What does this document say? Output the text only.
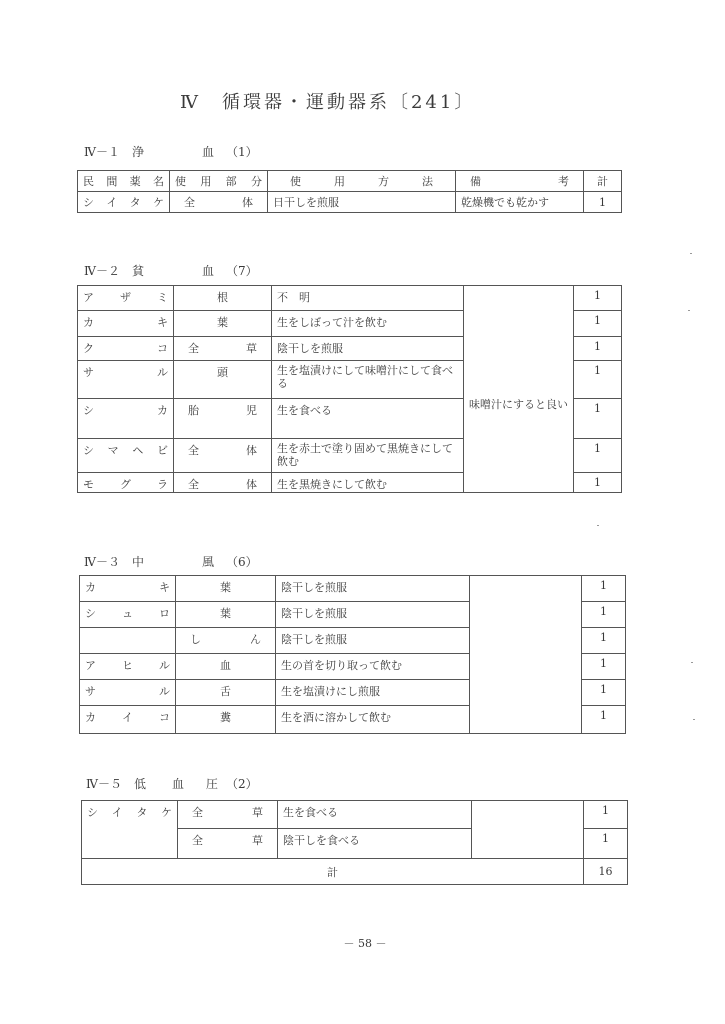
Ⅳ　循環器・運動器系〔241〕
Ⅳ－１ 浄	血 （1）
民 間 薬 名	使 用 部 分	使 用 方 法	備 考	計

シ イ タ ケ	全 体	日干しを煎服	乾燥機でも乾かす	1
Ⅳ－２ 貧	血 （7）
ア ザ ミ	根	不　明	味噌汁にすると良い	1

カ キ	葉	生をしぼって汁を飲む		1

ク コ	全 草	陰干しを煎服		1

サ ル	頭	生を塩漬けにして味噌汁にして食べる		1

シ カ	胎 児	生を食べる		1

シ マ ヘ ビ	全 体	生を赤土で塗り固めて黒焼きにして飲む		1

モ グ ラ	全 体	生を黒焼きにして飲む		1
Ⅳ－３ 中	風 （6）
カ キ	葉	陰干しを煎服		1

シ ュ ロ	葉	陰干しを煎服		1

	し ん	陰干しを煎服		1

ア ヒ ル	血	生の首を切り取って飲む		1

サ ル	舌	生を塩漬けにし煎服		1

カ イ コ	糞	生を酒に溶かして飲む		1
Ⅳ－５ 低 血 圧 （2）
シ イ タ ケ	全 草	生を食べる		1

	全 草	陰干しを食べる		1
計				16
－ 58 －
